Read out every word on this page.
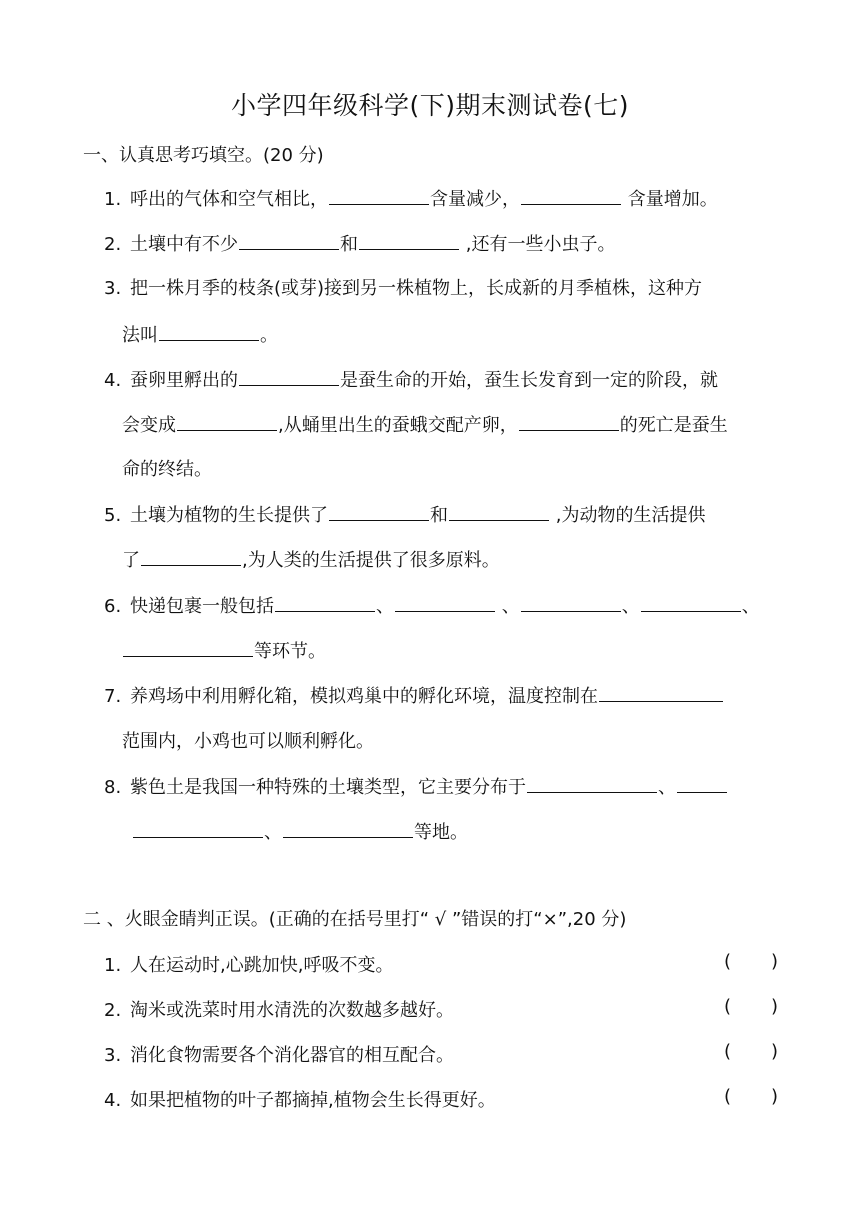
小学四年级科学(下)期末测试卷(七)
一、认真思考巧填空。(20 分)
1. 呼出的气体和空气相比，	含量减少，	含量增加。
2. 土壤中有不少	和	,还有一些小虫子。
3. 把一株月季的枝条(或芽)接到另一株植物上，长成新的月季植株，这种方
法叫	。
4. 蚕卵里孵出的	是蚕生命的开始，蚕生长发育到一定的阶段，就
会变成	,从蛹里出生的蚕蛾交配产卵，	的死亡是蚕生
命的终结。
5. 土壤为植物的生长提供了	和	,为动物的生活提供
了	,为人类的生活提供了很多原料。
6. 快递包裹一般包括	、	、	、	、
等环节。
7. 养鸡场中利用孵化箱，模拟鸡巢中的孵化环境，温度控制在
范围内，小鸡也可以顺利孵化。
8. 紫色土是我国一种特殊的土壤类型，它主要分布于	、
、	等地。
二 、火眼金睛判正误。(正确的在括号里打“ √ ”错误的打“×”,20 分)
1. 人在运动时,心跳加快,呼吸不变。	( )
2. 淘米或洗菜时用水清洗的次数越多越好。	( )
3. 消化食物需要各个消化器官的相互配合。	( )
4. 如果把植物的叶子都摘掉,植物会生长得更好。	( )
